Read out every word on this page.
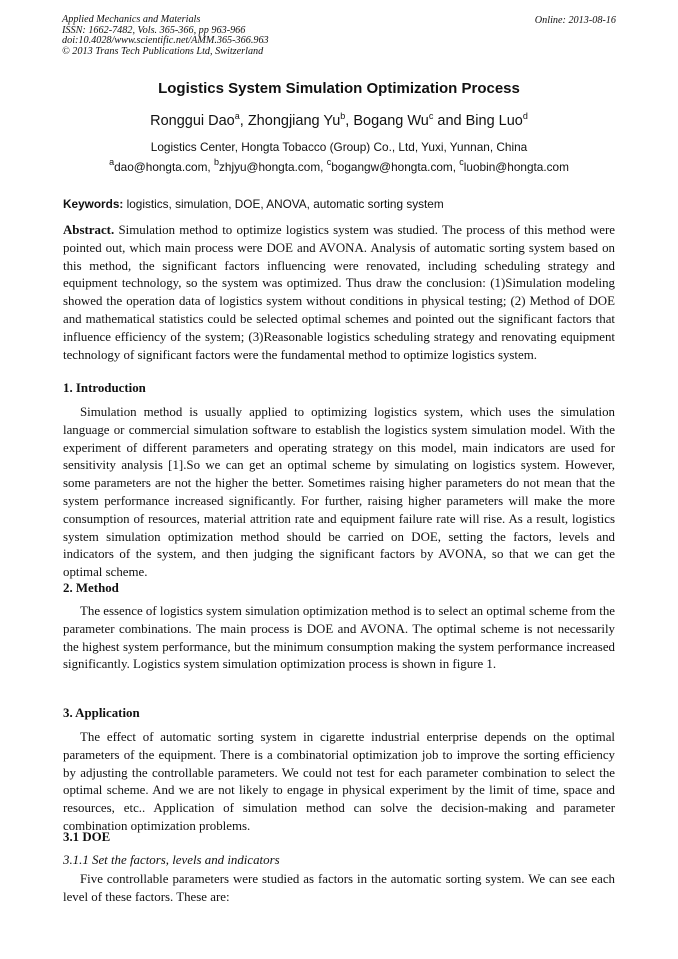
Applied Mechanics and Materials
ISSN: 1662-7482, Vols. 365-366, pp 963-966
doi:10.4028/www.scientific.net/AMM.365-366.963
© 2013 Trans Tech Publications Ltd, Switzerland
Online: 2013-08-16
Logistics System Simulation Optimization Process
Ronggui Dao$^a$, Zhongjiang Yu$^b$, Bogang Wu$^c$ and Bing Luo$^d$
Logistics Center, Hongta Tobacco (Group) Co., Ltd, Yuxi, Yunnan, China
$^a$dao@hongta.com, $^b$zhjyu@hongta.com, $^c$bogangw@hongta.com, $^c$luobin@hongta.com
Keywords: logistics, simulation, DOE, ANOVA, automatic sorting system

Abstract. Simulation method to optimize logistics system was studied. The process of this method were pointed out, which main process were DOE and AVONA. Analysis of automatic sorting system based on this method, the significant factors influencing were renovated, including scheduling strategy and equipment technology, so the system was optimized. Thus draw the conclusion: (1)Simulation modeling showed the operation data of logistics system without conditions in physical testing; (2) Method of DOE and mathematical statistics could be selected optimal schemes and pointed out the significant factors that influence efficiency of the system; (3)Reasonable logistics scheduling strategy and renovating equipment technology of significant factors were the fundamental method to optimize logistics system.

1. Introduction

Simulation method is usually applied to optimizing logistics system, which uses the simulation language or commercial simulation software to establish the logistics system simulation model. With the experiment of different parameters and operating strategy on this model, main indicators are used for sensitivity analysis [1].So we can get an optimal scheme by simulating on logistics system. However, some parameters are not the higher the better. Sometimes raising higher parameters do not mean that the system performance increased significantly. For further, raising higher parameters will make the more consumption of resources, material attrition rate and equipment failure rate will rise. As a result, logistics system simulation optimization method should be carried on DOE, setting the factors, levels and indicators of the system, and then judging the significant factors by AVONA, so that we can get the optimal scheme.

2. Method

The essence of logistics system simulation optimization method is to select an optimal scheme from the parameter combinations. The main process is DOE and AVONA. The optimal scheme is not necessarily the highest system performance, but the minimum consumption making the system performance increased significantly. Logistics system simulation optimization process is shown in figure 1.

3. Application

The effect of automatic sorting system in cigarette industrial enterprise depends on the optimal parameters of the equipment. There is a combinatorial optimization job to improve the sorting efficiency by adjusting the controllable parameters. We could not test for each parameter combination to select the optimal scheme. And we are not likely to engage in physical experiment by the limit of time, space and resources, etc.. Application of simulation method can solve the decision-making and parameter combination optimization problems.

3.1 DOE

3.1.1 Set the factors, levels and indicators

Five controllable parameters were studied as factors in the automatic sorting system. We can see each level of these factors. These are:
